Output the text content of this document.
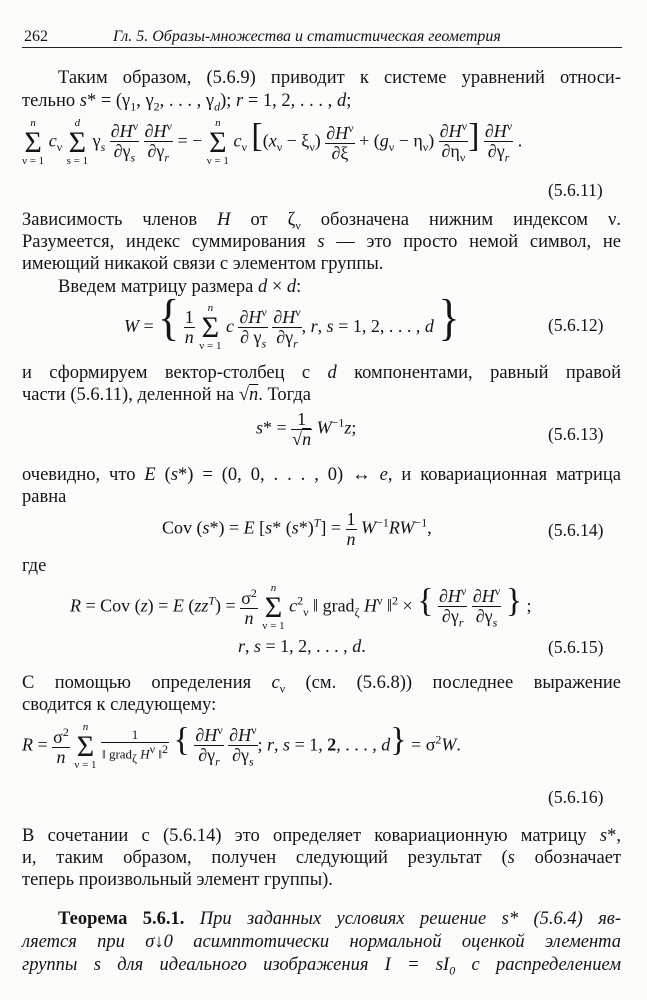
262	Гл. 5. Образы-множества и статистическая геометрия
Таким образом, (5.6.9) приводит к системе уравнений относи-
тельно $s* = (\gamma_1$, $\gamma_2$, . . . , $\gamma_d$); r = 1, 2, . . . , d;
n
Σ
ν = 1
$c_\nu$
d
Σ
s = 1
$\gamma_s \frac{\partial H^\nu}{\partial\gamma_s}$
$\frac{\partial H^\nu}{\partial\gamma_r}$ = −
n
Σ
ν = 1
$c_\nu$ [$(x_\nu - \xi_\nu) \frac{\partial H^\nu}{\partial\xi} + (g_\nu - \eta_\nu) \frac{\partial H^\nu}{\partial\eta_\nu}$ ] $\frac{\partial H^\nu}{\partial\gamma_r}$ .
(5.6.11)
Зависимость членов H от $\zeta_\nu$ обозначена нижним индексом ν.
Разумеется, индекс суммирования s — это просто немой символ, не
имеющий никакой связи с элементом группы.
Введем матрицу размера d × d:
W = { $\frac{1}{n}$

n
Σ
ν = 1
c $\frac{\partial H^\nu}{\partial \gamma_s}$
$\frac{\partial H^\nu}{\partial\gamma_r}$ , r, s = 1, 2, . . . , d }	(5.6.12)
и сформируем вектор-столбец с d компонентами, равный правой
части (5.6.11), деленной на √n. Тогда
$s* = \frac{1}{√n} W^{-1}z$;	(5.6.13)
очевидно, что E (s*) = (0, 0, . . . , 0) ↔ e, и ковариационная матрица
равна
Cov (s*) = E [s* $(s*)^T] = \frac{1}{n} W^{-1}RW^{-1}$,	(5.6.14)
где
R = Cov (z) = E $(zz^T) = \frac{\sigma^2}{n}$
	n
Σ
ν = 1
$c^2_\nu$ ‖ grad$_\zeta$ $H^\nu$ ‖$^2$ × { $\frac{\partial H^\nu}{\partial\gamma_r}$
$\frac{\partial H^\nu}{\partial\gamma_s}$ } ;
r, s = 1, 2, . . . , d.	(5.6.15)
С помощью определения $c_\nu$ (см. (5.6.8)) последнее выражение
сводится к следующему:
$R = \frac{\sigma^2}{n}$
	n
Σ
ν = 1

$\frac{1}{‖ grad_\zeta H^\nu ‖^2}$ { $\frac{\partial H^\nu}{\partial\gamma_r}$
$\frac{\partial H^\nu}{\partial\gamma_s}$ ; r, s = 1, 2, . . . , $d\} = \sigma^2W$.
(5.6.16)
В сочетании с (5.6.14) это определяет ковариационную матрицу s*,
и, таким образом, получен следующий результат (s обозначает
теперь произвольный элемент группы).
Теорема 5.6.1. При заданных условиях решение s* (5.6.4) яв-
ляется при σ↓0 асимптотически нормальной оценкой элемента
группы s для идеального изображения $I = sI_0$ с распределением
